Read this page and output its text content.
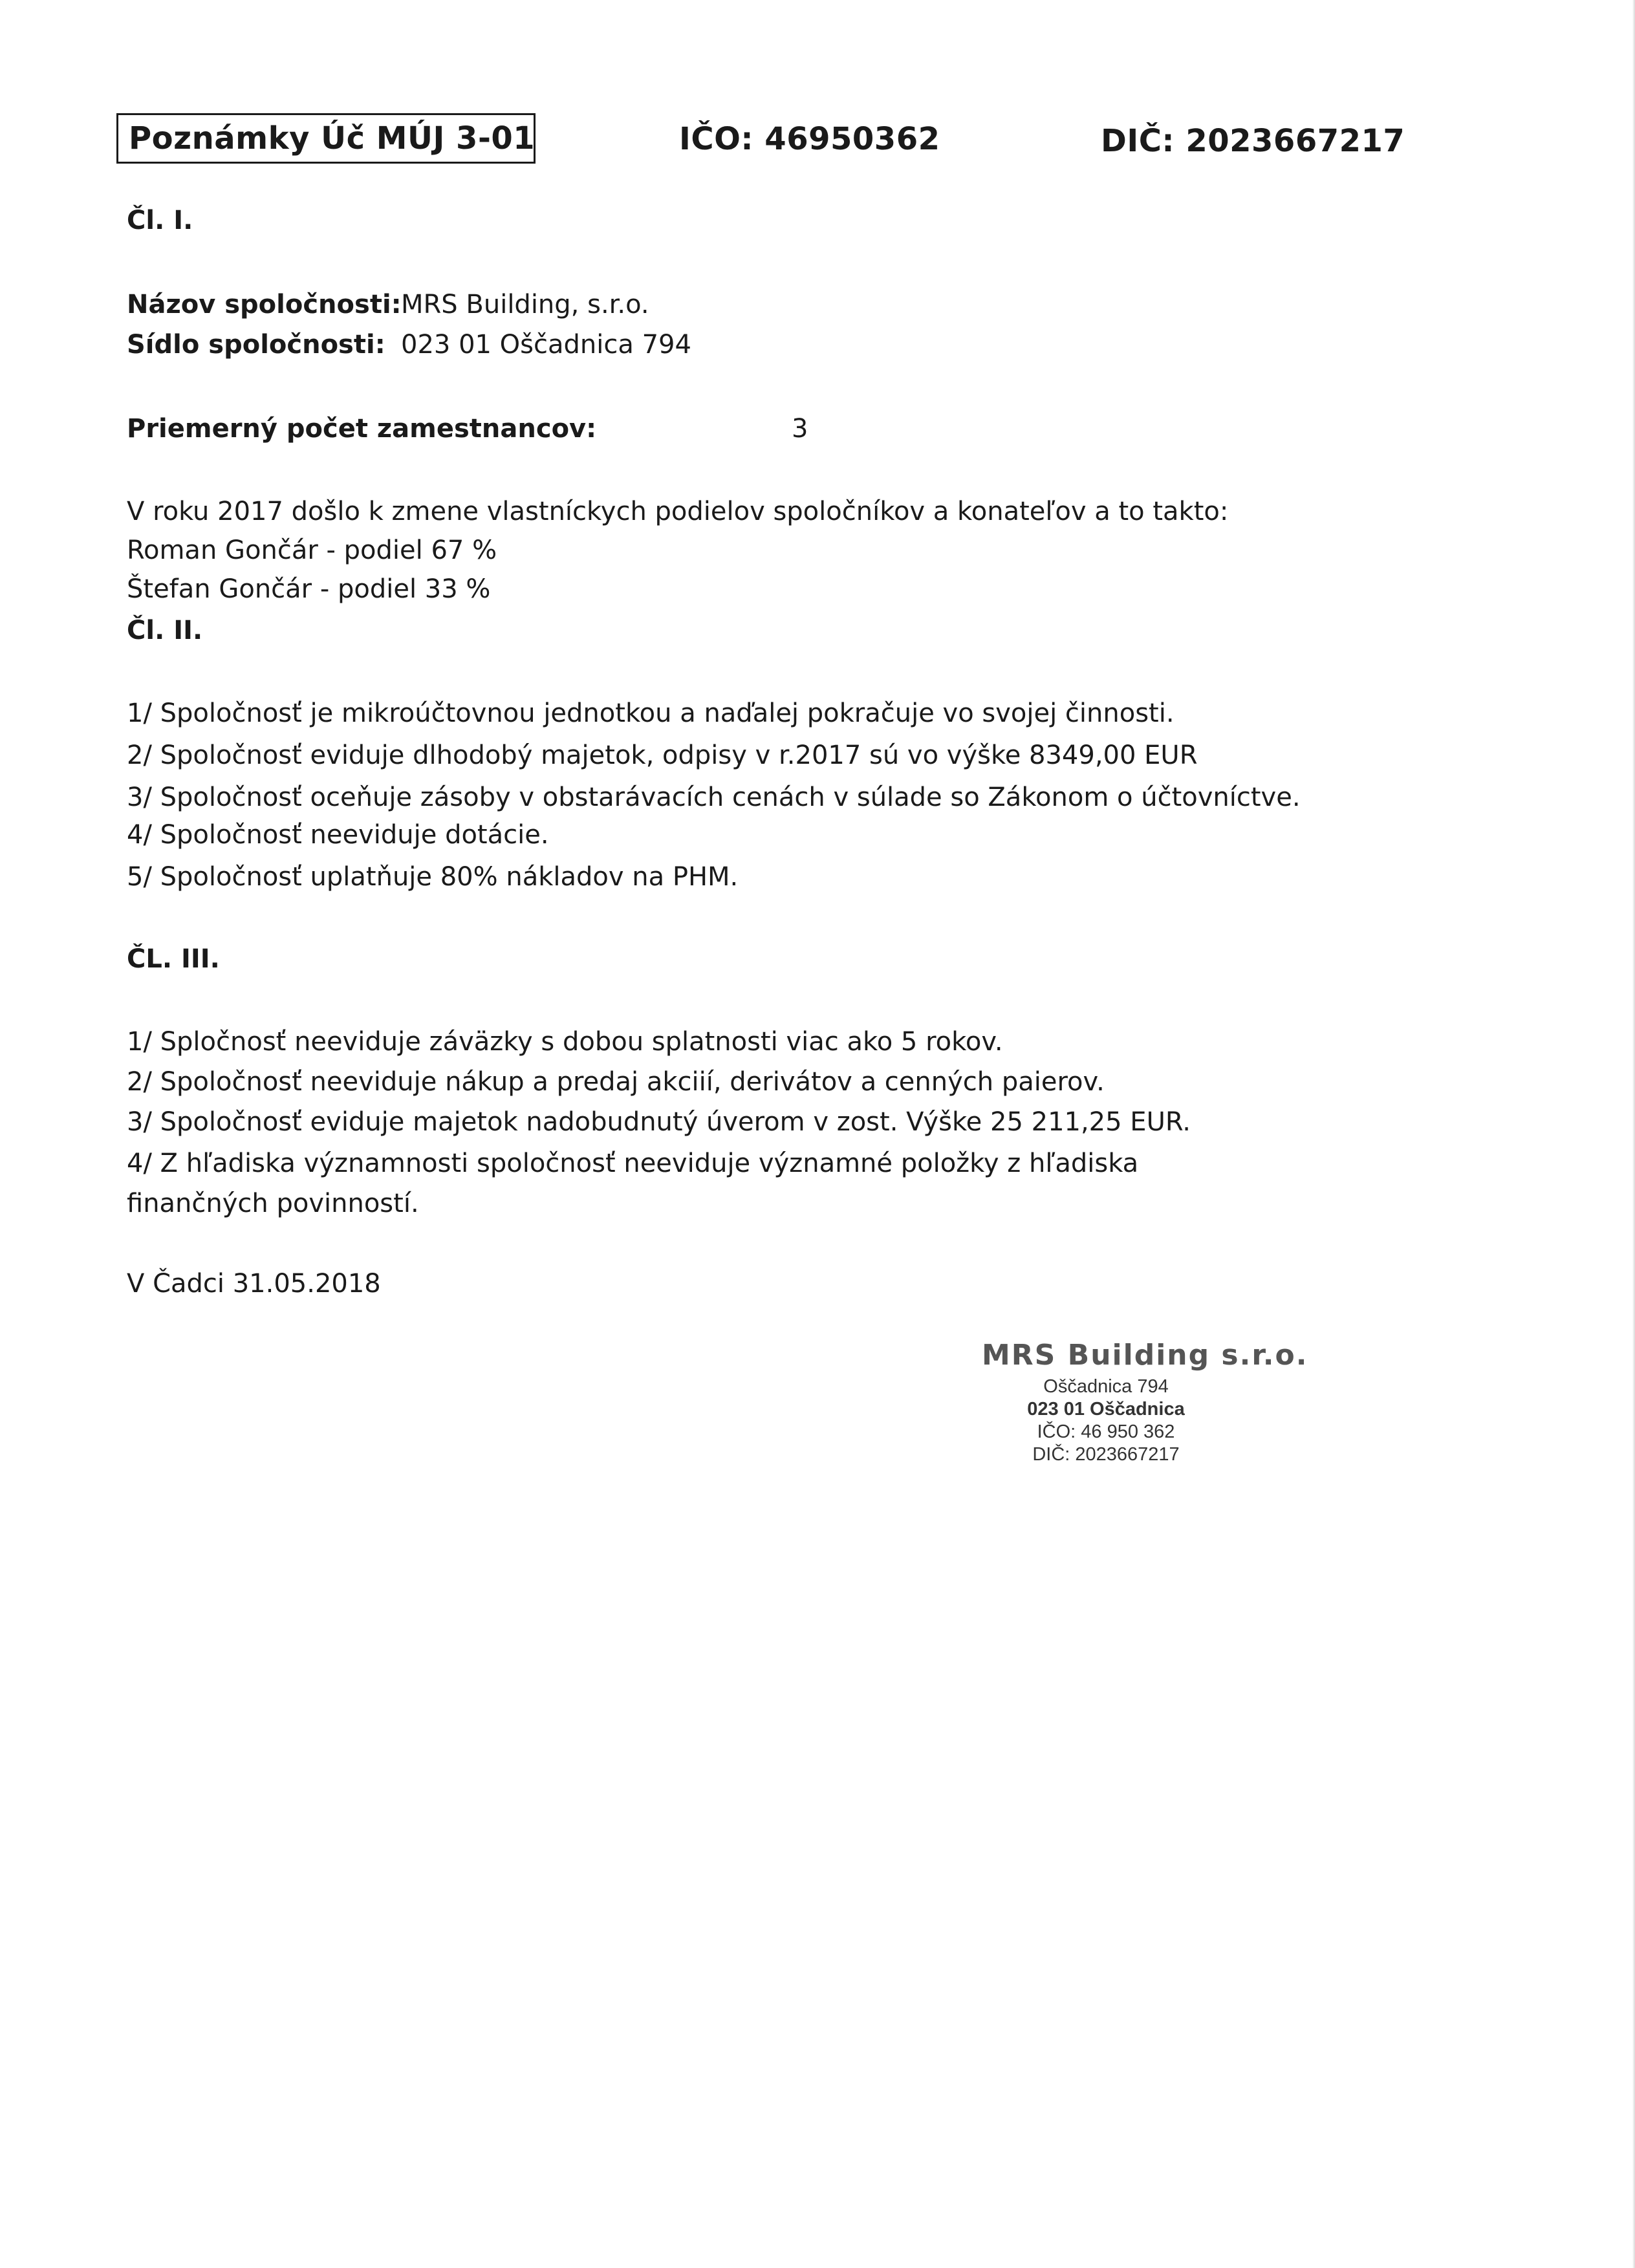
Poznámky Úč MÚJ 3-01	IČO: 46950362	DIČ: 2023667217
Čl. I.
Názov spoločnosti: MRS Building, s.r.o.
Sídlo spoločnosti: 023 01 Oščadnica 794
Priemerný počet zamestnancov:	3
V roku 2017 došlo k zmene vlastníckych podielov spoločníkov a konateľov a to takto:
Roman Gončár - podiel 67 %
Štefan Gončár - podiel 33 %
Čl. II.
1/ Spoločnosť je mikroúčtovnou jednotkou a naďalej pokračuje vo svojej činnosti.
2/ Spoločnosť eviduje dlhodobý majetok, odpisy v r.2017 sú vo výške 8349,00 EUR
3/ Spoločnosť oceňuje zásoby v obstarávacích cenách v súlade so Zákonom o účtovníctve.
4/ Spoločnosť neeviduje dotácie.
5/ Spoločnosť uplatňuje 80% nákladov na PHM.
ČL. III.
1/ Spločnosť neeviduje záväzky s dobou splatnosti viac ako 5 rokov.
2/ Spoločnosť neeviduje nákup a predaj akciií, derivátov a cenných paierov.
3/ Spoločnosť eviduje majetok nadobudnutý úverom v zost. Výške 25 211,25 EUR.
4/ Z hľadiska významnosti spoločnosť neeviduje významné položky z hľadiska
finančných povinností.
V Čadci 31.05.2018
MRS Building s.r.o.
Oščadnica 794
023 01 Oščadnica
IČO: 46 950 362
DIČ: 2023667217
